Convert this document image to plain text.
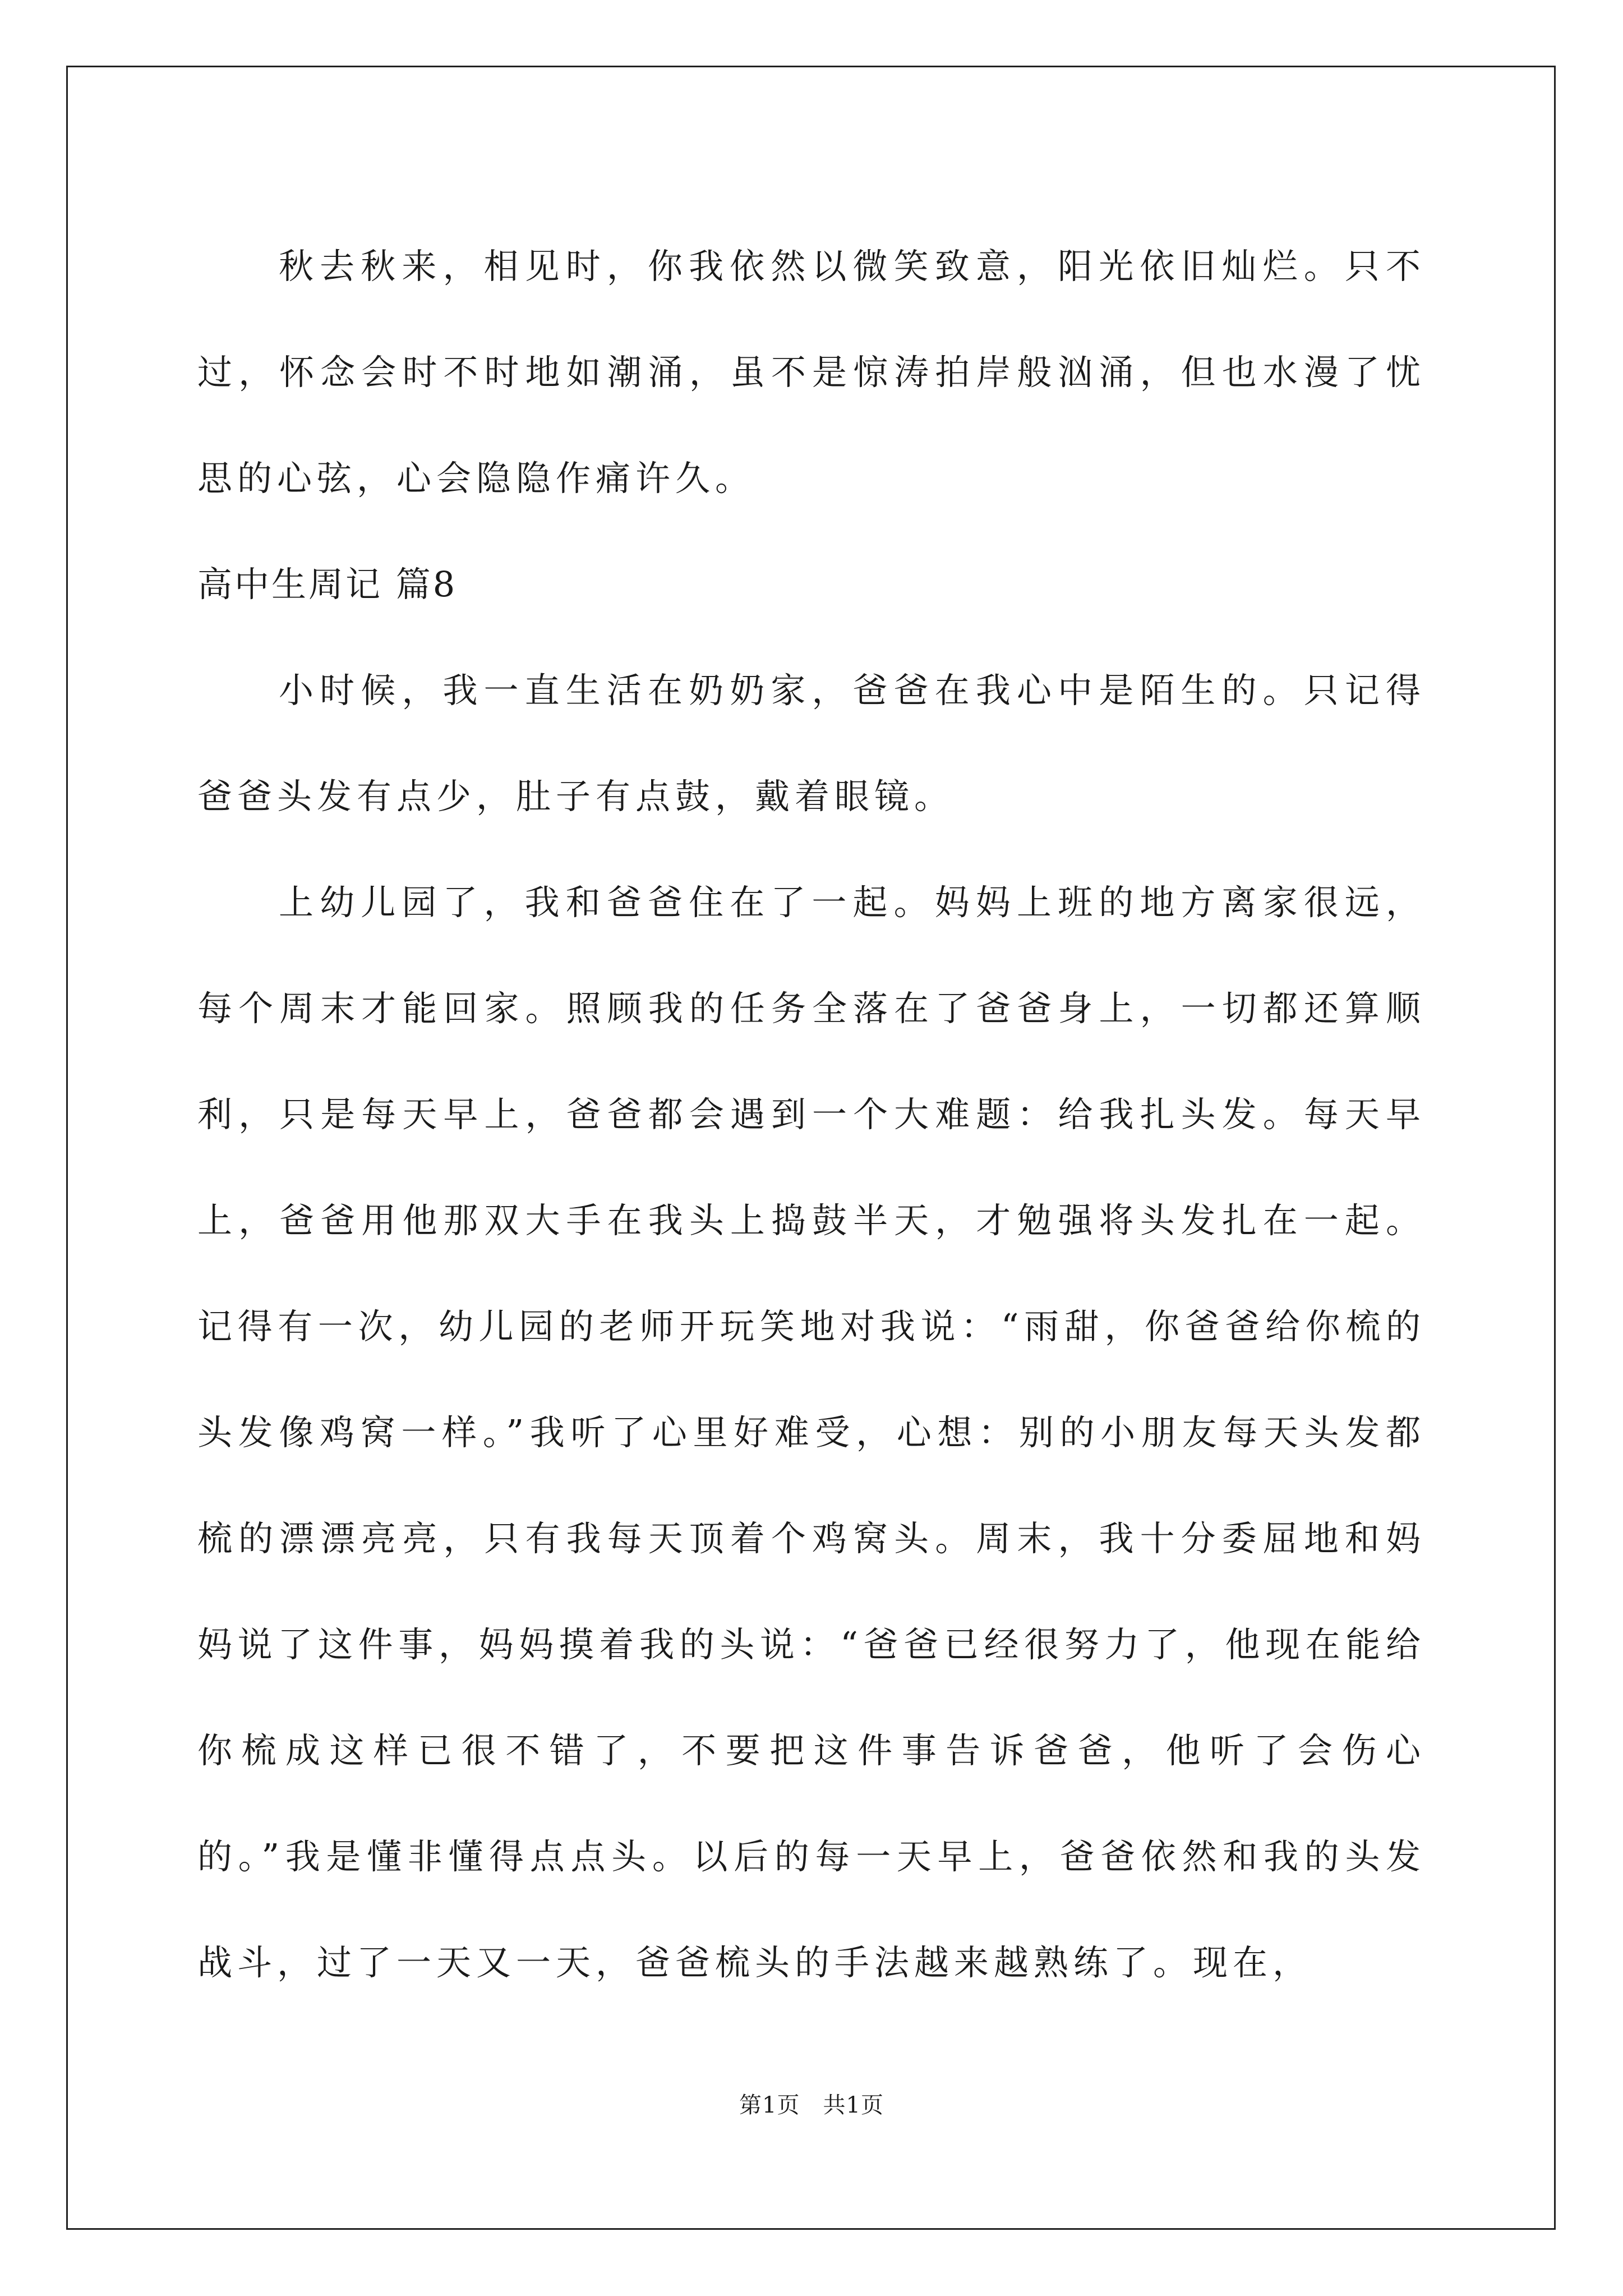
秋去秋来，相见时，你我依然以微笑致意，阳光依旧灿烂。只不过，怀念会时不时地如潮涌，虽不是惊涛拍岸般汹涌，但也水漫了忧思的心弦，心会隐隐作痛许久。

高中生周记 篇8

小时候，我一直生活在奶奶家，爸爸在我心中是陌生的。只记得爸爸头发有点少，肚子有点鼓，戴着眼镜。

上幼儿园了，我和爸爸住在了一起。妈妈上班的地方离家很远，每个周末才能回家。照顾我的任务全落在了爸爸身上，一切都还算顺利，只是每天早上，爸爸都会遇到一个大难题：给我扎头发。每天早上，爸爸用他那双大手在我头上捣鼓半天，才勉强将头发扎在一起。记得有一次，幼儿园的老师开玩笑地对我说：“雨甜，你爸爸给你梳的头发像鸡窝一样。”我听了心里好难受，心想：别的小朋友每天头发都梳的漂漂亮亮，只有我每天顶着个鸡窝头。周末，我十分委屈地和妈妈说了这件事，妈妈摸着我的头说：“爸爸已经很努力了，他现在能给你梳成这样已很不错了，不要把这件事告诉爸爸，他听了会伤心的。”我是懂非懂得点点头。以后的每一天早上，爸爸依然和我的头发战斗，过了一天又一天，爸爸梳头的手法越来越熟练了。现在，

第1页　共1页
